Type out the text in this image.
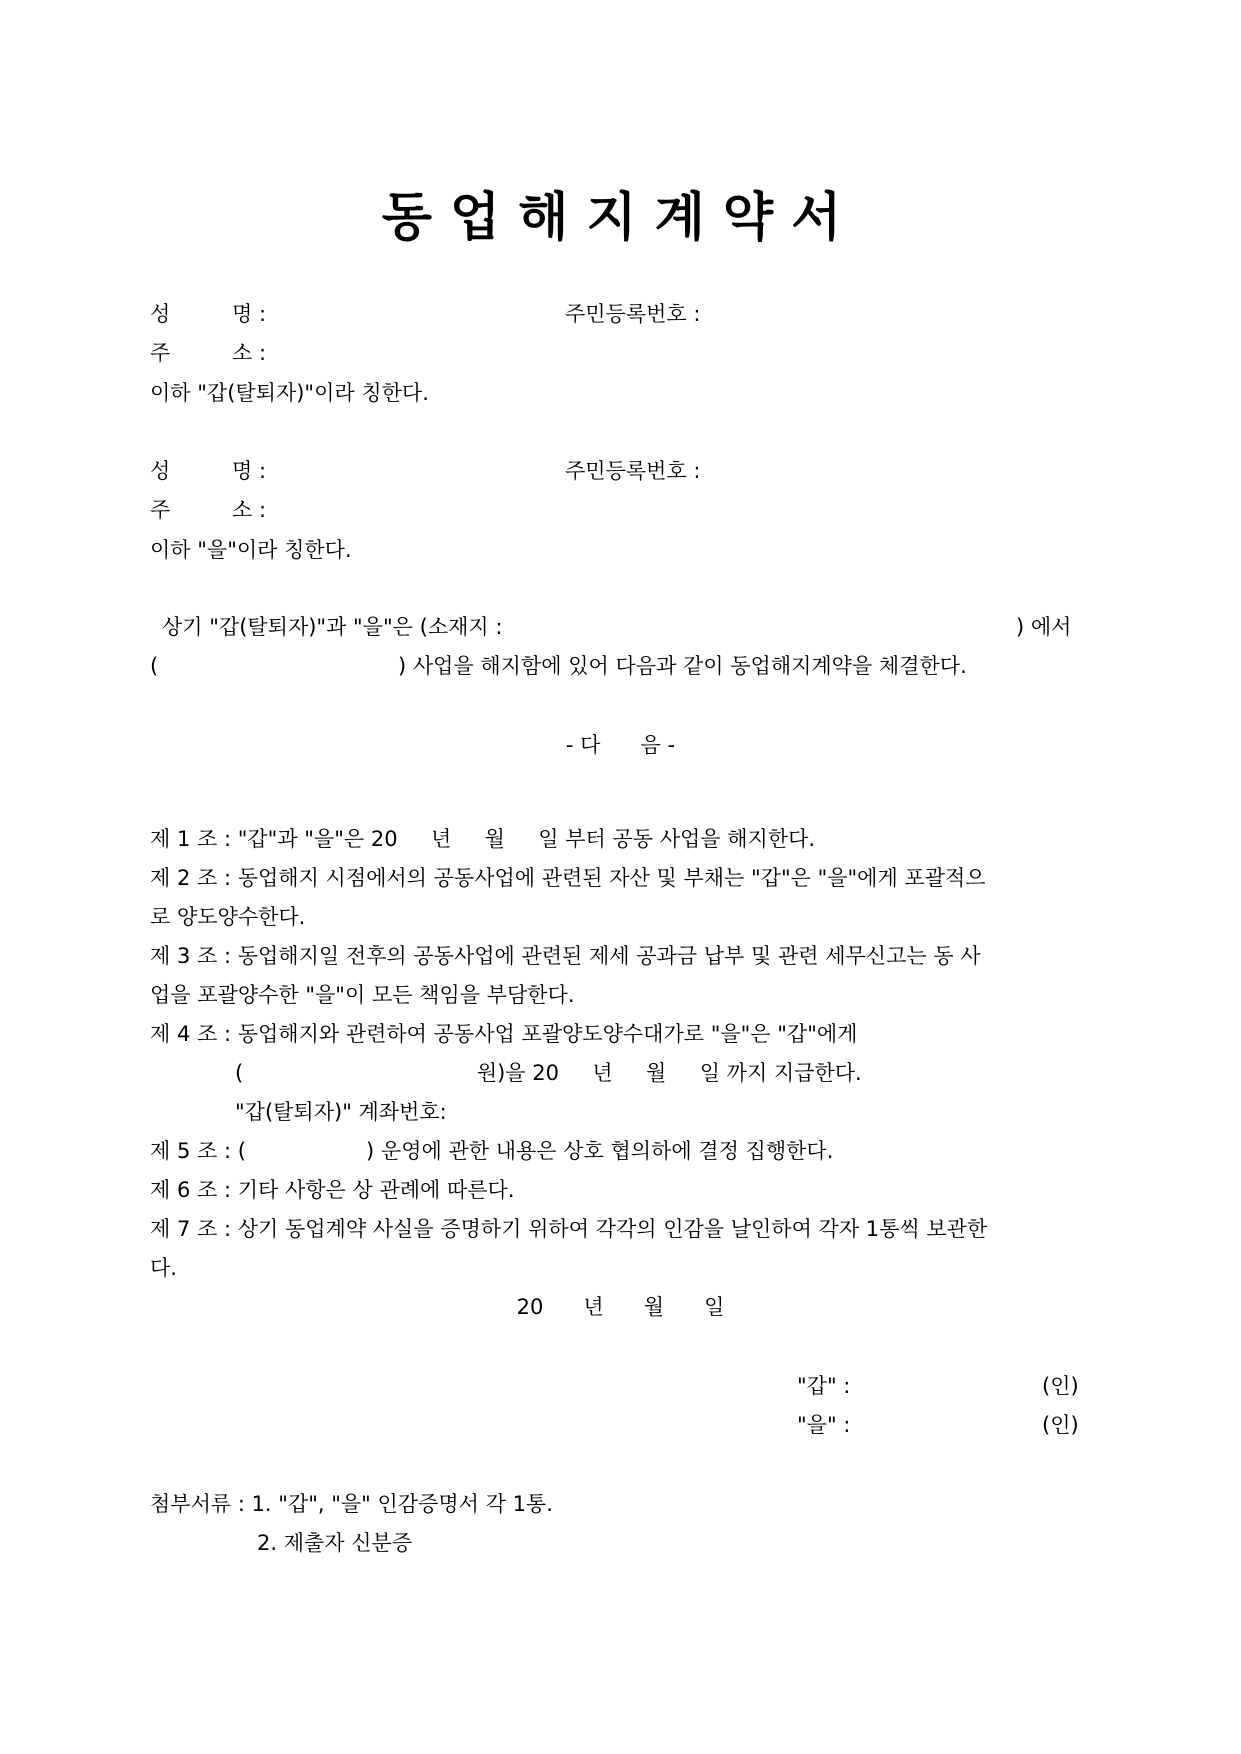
동업해지계약서
성	명 :	주민등록번호 :
주	소 :
이하 "갑(탈퇴자)"이라 칭한다.
성	명 :	주민등록번호 :
주	소 :
이하 "을"이라 칭한다.
상기 "갑(탈퇴자)"과 "을"은 (소재지 :	) 에서
(	) 사업을 해지함에 있어 다음과 같이 동업해지계약을 체결한다.
- 다      음 -
제 1 조 : "갑"과 "을"은 20     년     월     일 부터 공동 사업을 해지한다.
제 2 조 : 동업해지 시점에서의 공동사업에 관련된 자산 및 부채는 "갑"은 "을"에게 포괄적으
로 양도양수한다.
제 3 조 : 동업해지일 전후의 공동사업에 관련된 제세 공과금 납부 및 관련 세무신고는 동 사
업을 포괄양수한 "을"이 모든 책임을 부담한다.
제 4 조 : 동업해지와 관련하여 공동사업 포괄양도양수대가로 "을"은 "갑"에게
(                                   원)을 20     년     월     일 까지 지급한다.
"갑(탈퇴자)" 계좌번호:
제 5 조 : (                  ) 운영에 관한 내용은 상호 협의하에 결정 집행한다.
제 6 조 : 기타 사항은 상 관례에 따른다.
제 7 조 : 상기 동업계약 사실을 증명하기 위하여 각각의 인감을 날인하여 각자 1통씩 보관한
다.
20      년      월      일
"갑" :	(인)
"을" :	(인)
첨부서류 : 1. "갑", "을" 인감증명서 각 1통.
2. 제출자 신분증
